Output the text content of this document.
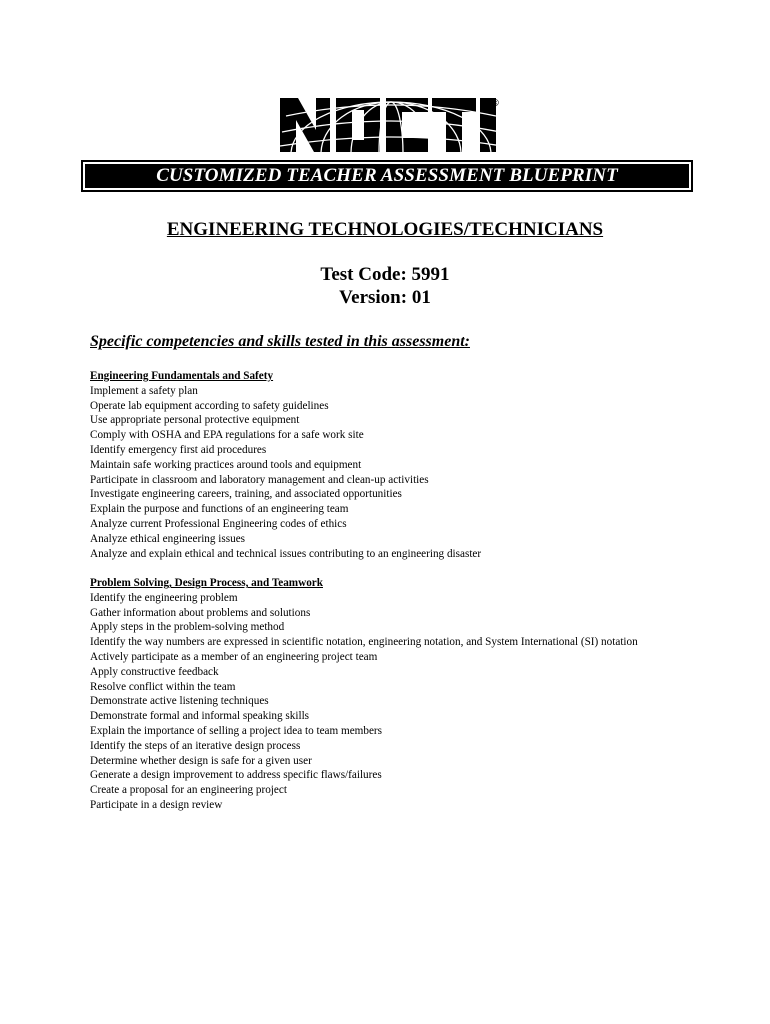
®
CUSTOMIZED TEACHER ASSESSMENT BLUEPRINT
ENGINEERING TECHNOLOGIES/TECHNICIANS
Test Code: 5991
Version: 01
Specific competencies and skills tested in this assessment:
Engineering Fundamentals and Safety
Implement a safety plan
Operate lab equipment according to safety guidelines
Use appropriate personal protective equipment
Comply with OSHA and EPA regulations for a safe work site
Identify emergency first aid procedures
Maintain safe working practices around tools and equipment
Participate in classroom and laboratory management and clean-up activities
Investigate engineering careers, training, and associated opportunities
Explain the purpose and functions of an engineering team
Analyze current Professional Engineering codes of ethics
Analyze ethical engineering issues
Analyze and explain ethical and technical issues contributing to an engineering disaster
Problem Solving, Design Process, and Teamwork
Identify the engineering problem
Gather information about problems and solutions
Apply steps in the problem-solving method
Identify the way numbers are expressed in scientific notation, engineering notation, and System International (SI) notation
Actively participate as a member of an engineering project team
Apply constructive feedback
Resolve conflict within the team
Demonstrate active listening techniques
Demonstrate formal and informal speaking skills
Explain the importance of selling a project idea to team members
Identify the steps of an iterative design process
Determine whether design is safe for a given user
Generate a design improvement to address specific flaws/failures
Create a proposal for an engineering project
Participate in a design review
